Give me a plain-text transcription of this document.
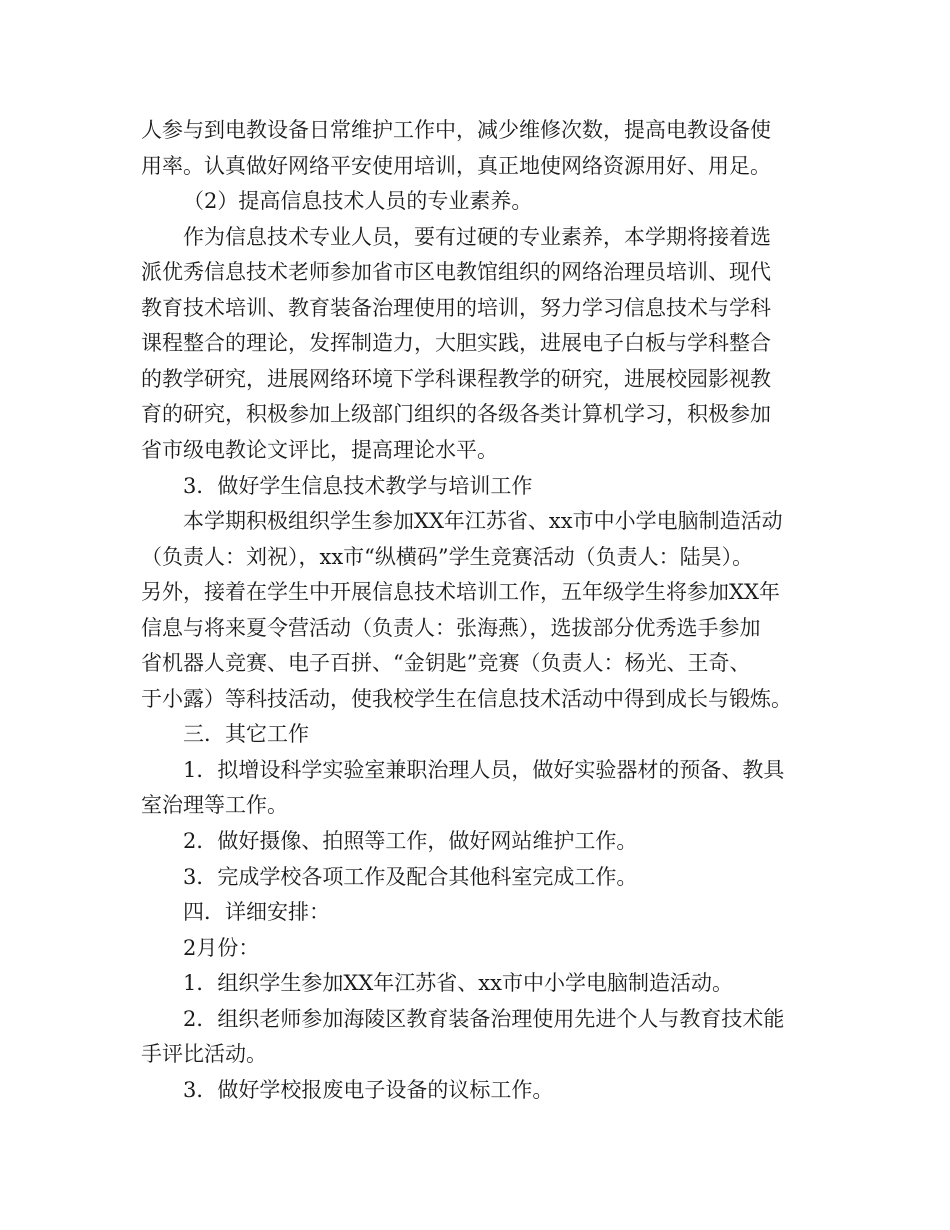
人参与到电教设备日常维护工作中，减少维修次数，提高电教设备使
用率。认真做好网络平安使用培训，真正地使网络资源用好、用足。
（2）提高信息技术人员的专业素养。
作为信息技术专业人员，要有过硬的专业素养，本学期将接着选
派优秀信息技术老师参加省市区电教馆组织的网络治理员培训、现代
教育技术培训、教育装备治理使用的培训，努力学习信息技术与学科
课程整合的理论，发挥制造力，大胆实践，进展电子白板与学科整合
的教学研究，进展网络环境下学科课程教学的研究，进展校园影视教
育的研究，积极参加上级部门组织的各级各类计算机学习，积极参加
省市级电教论文评比，提高理论水平。
3．做好学生信息技术教学与培训工作
本学期积极组织学生参加XX年江苏省、xx市中小学电脑制造活动
（负责人：刘祝），xx市“纵横码”学生竞赛活动（负责人：陆昊）。
另外，接着在学生中开展信息技术培训工作，五年级学生将参加XX年
信息与将来夏令营活动（负责人：张海燕），选拔部分优秀选手参加
省机器人竞赛、电子百拼、“金钥匙”竞赛（负责人：杨光、王奇、
于小露）等科技活动，使我校学生在信息技术活动中得到成长与锻炼。
三．其它工作
1．拟增设科学实验室兼职治理人员，做好实验器材的预备、教具
室治理等工作。
2．做好摄像、拍照等工作，做好网站维护工作。
3．完成学校各项工作及配合其他科室完成工作。
四．详细安排：
2月份：
1．组织学生参加XX年江苏省、xx市中小学电脑制造活动。
2．组织老师参加海陵区教育装备治理使用先进个人与教育技术能
手评比活动。
3．做好学校报废电子设备的议标工作。
